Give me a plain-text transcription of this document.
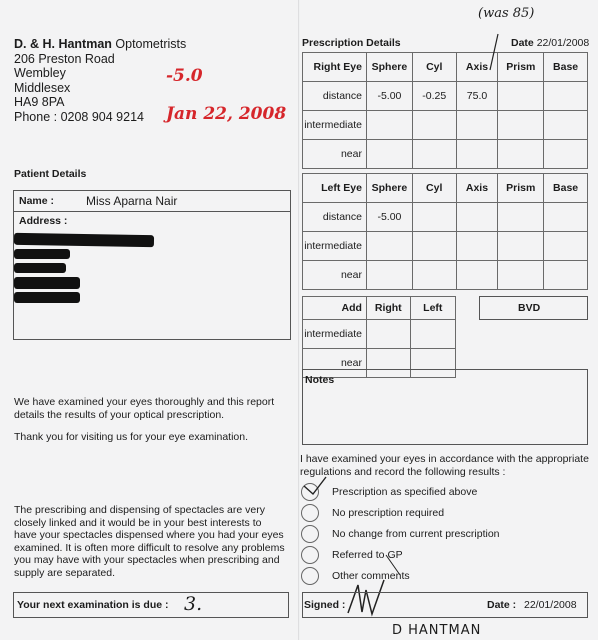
D. & H. Hantman Optometrists
206 Preston Road
Wembley
Middlesex
HA9 8PA
Phone : 0208 904 9214
-5.0
Jan 22, 2008
Patient Details
Name :	Miss Aparna Nair
Address :
We have examined your eyes thoroughly and this report details the results of your optical prescription.
Thank you for visiting us for your eye examination.
The prescribing and dispensing of spectacles are very closely linked and it would be in your best interests to have your spectacles dispensed where you had your eyes examined. It is often more difficult to resolve any problems you may have with your spectacles when prescribing and supply are separated.
Your next examination is due : 3.
Prescription Details	Date 22/01/2008
(was 85)
Right Eye	Sphere	Cyl	Axis	Prism	Base
distance	-5.00	-0.25	75.0		
intermediate					
near					
Left Eye	Sphere	Cyl	Axis	Prism	Base
distance	-5.00				
intermediate					
near					
Add	Right	Left
intermediate		
near		
BVD
Notes
I have examined your eyes in accordance with the appropriate regulations and record the following results :
Prescription as specified above
No prescription required
No change from current prescription
Referred to GP
Other comments
Signed :	Date : 22/01/2008
D HANTMAN
